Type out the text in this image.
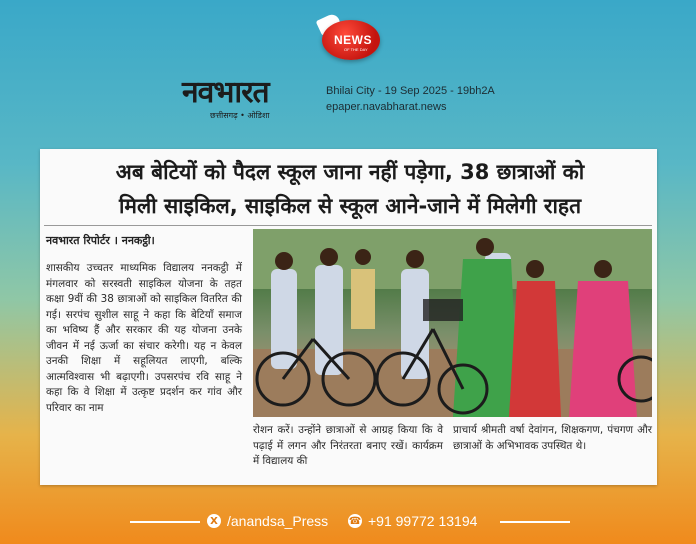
NEWS
OF THE DAY
नवभारत
छत्तीसगढ़ • ओडिशा
Bhilai City - 19 Sep 2025 - 19bh2A
epaper.navabharat.news
अब बेटियों को पैदल स्कूल जाना नहीं पड़ेगा, 38 छात्राओं को
मिली साइकिल, साइकिल से स्कूल आने-जाने में मिलेगी राहत
नवभारत रिपोर्टर । ननकट्ठी।
शासकीय उच्चतर माध्यमिक विद्यालय ननकट्ठी में मंगलवार को सरस्वती साइकिल योजना के तहत कक्षा 9वीं की 38 छात्राओं को साइकिल वितरित की गई। सरपंच सुशील साहू ने कहा कि बेटियाँ समाज का भविष्य हैं और सरकार की यह योजना उनके जीवन में नई ऊर्जा का संचार करेगी। यह न केवल उनकी शिक्षा में सहूलियत लाएगी, बल्कि आत्मविश्वास भी बढ़ाएगी। उपसरपंच रवि साहू ने कहा कि वे शिक्षा में उत्कृष्ट प्रदर्शन कर गांव और परिवार का नाम
रोशन करें। उन्होंने छात्राओं से आग्रह किया कि वे पढ़ाई में लगन और निरंतरता बनाए रखें। कार्यक्रम में विद्यालय की
प्राचार्य श्रीमती वर्षा देवांगन, शिक्षकगण, पंचगण और छात्राओं के अभिभावक उपस्थित थे।
X /anandsa_Press ☎ +91 99772 13194
